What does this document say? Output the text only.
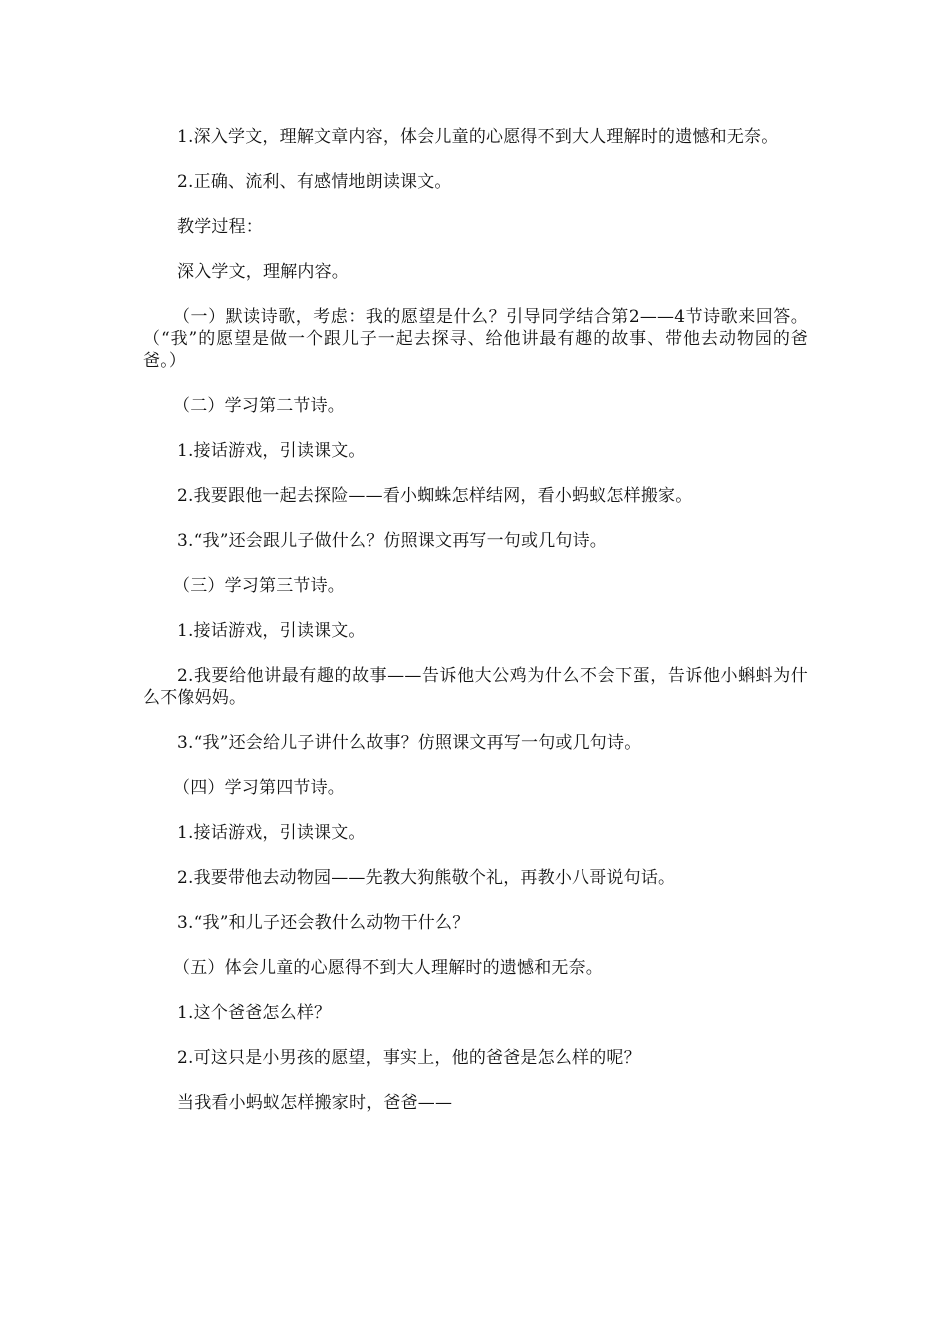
1.深入学文，理解文章内容，体会儿童的心愿得不到大人理解时的遗憾和无奈。

2.正确、流利、有感情地朗读课文。

教学过程：

深入学文，理解内容。

（一）默读诗歌，考虑：我的愿望是什么？引导同学结合第2——4节诗歌来回答。（“我”的愿望是做一个跟儿子一起去探寻、给他讲最有趣的故事、带他去动物园的爸爸。）

（二）学习第二节诗。

1.接话游戏，引读课文。

2.我要跟他一起去探险——看小蜘蛛怎样结网，看小蚂蚁怎样搬家。

3.“我”还会跟儿子做什么？仿照课文再写一句或几句诗。

（三）学习第三节诗。

1.接话游戏，引读课文。

2.我要给他讲最有趣的故事——告诉他大公鸡为什么不会下蛋，告诉他小蝌蚪为什么不像妈妈。

3.“我”还会给儿子讲什么故事？仿照课文再写一句或几句诗。

（四）学习第四节诗。

1.接话游戏，引读课文。

2.我要带他去动物园——先教大狗熊敬个礼，再教小八哥说句话。

3.“我”和儿子还会教什么动物干什么？

（五）体会儿童的心愿得不到大人理解时的遗憾和无奈。

1.这个爸爸怎么样？

2.可这只是小男孩的愿望，事实上，他的爸爸是怎么样的呢？

当我看小蚂蚁怎样搬家时，爸爸——
